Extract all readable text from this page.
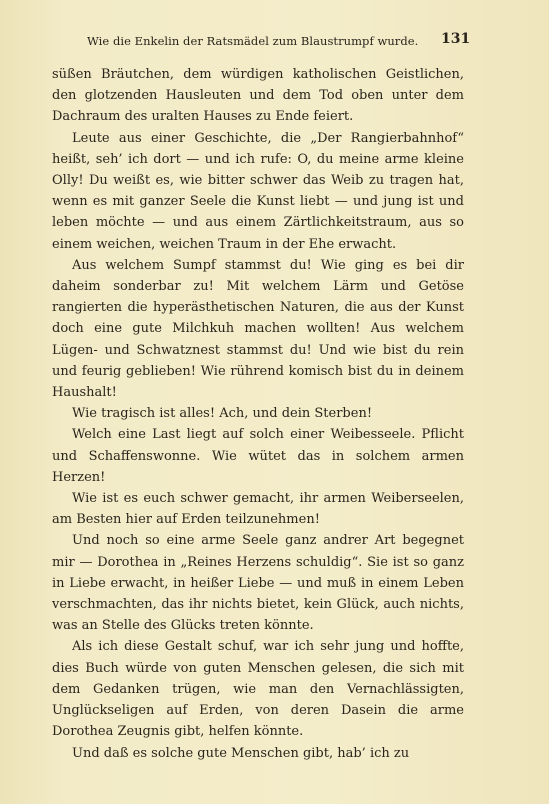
Wie die Enkelin der Ratsmädel zum Blaustrumpf wurde.	131

süßen Bräutchen, dem würdigen katholischen Geistlichen, den glotzenden Hausleuten und dem Tod oben unter dem Dachraum des uralten Hauses zu Ende feiert.

Leute aus einer Geschichte, die „Der Rangierbahnhof“ heißt, seh’ ich dort — und ich rufe: O, du meine arme kleine Olly! Du weißt es, wie bitter schwer das Weib zu tragen hat, wenn es mit ganzer Seele die Kunst liebt — und jung ist und leben möchte — und aus einem Zärtlichkeitstraum, aus so einem weichen, weichen Traum in der Ehe erwacht.

Aus welchem Sumpf stammst du! Wie ging es bei dir daheim sonderbar zu! Mit welchem Lärm und Getöse rangierten die hyperästhetischen Naturen, die aus der Kunst doch eine gute Milchkuh machen wollten! Aus welchem Lügen- und Schwatznest stammst du! Und wie bist du rein und feurig geblieben! Wie rührend komisch bist du in deinem Haushalt!

Wie tragisch ist alles! Ach, und dein Sterben!

Welch eine Last liegt auf solch einer Weibesseele. Pflicht und Schaffenswonne. Wie wütet das in solchem armen Herzen!

Wie ist es euch schwer gemacht, ihr armen Weiberseelen, am Besten hier auf Erden teilzunehmen!

Und noch so eine arme Seele ganz andrer Art begegnet mir — Dorothea in „Reines Herzens schuldig“. Sie ist so ganz in Liebe erwacht, in heißer Liebe — und muß in einem Leben verschmachten, das ihr nichts bietet, kein Glück, auch nichts, was an Stelle des Glücks treten könnte.

Als ich diese Gestalt schuf, war ich sehr jung und hoffte, dies Buch würde von guten Menschen gelesen, die sich mit dem Gedanken trügen, wie man den Vernachlässigten, Unglückseligen auf Erden, von deren Dasein die arme Dorothea Zeugnis gibt, helfen könnte.

Und daß es solche gute Menschen gibt, hab’ ich zu
